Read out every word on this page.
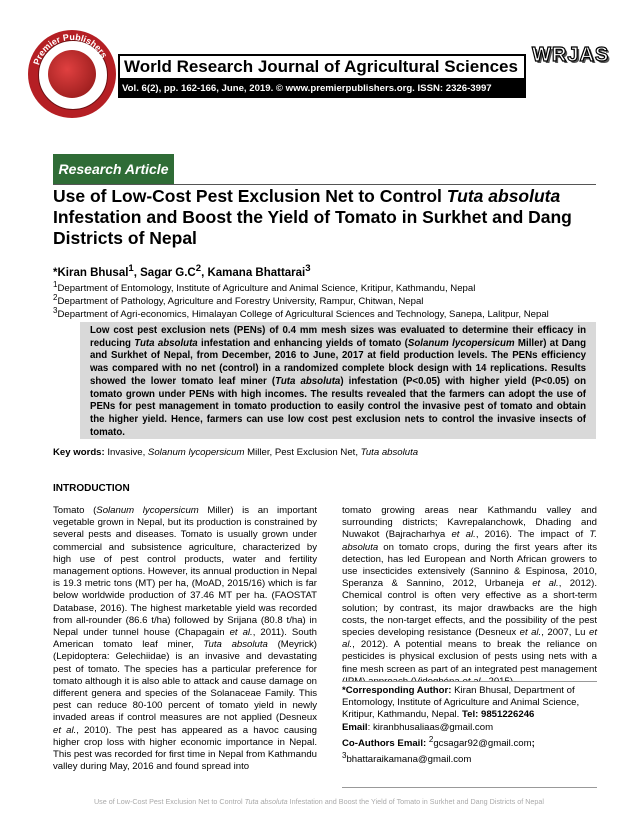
Premier Publishers
World Research Journal of Agricultural Sciences
Vol. 6(2), pp. 162-166, June, 2019. © www.premierpublishers.org. ISSN: 2326-3997
WRJAS
Research Article
Use of Low-Cost Pest Exclusion Net to Control Tuta absoluta Infestation and Boost the Yield of Tomato in Surkhet and Dang Districts of Nepal
*Kiran Bhusal$^1$, Sagar $G.C^2$, Kamana Bhattarai$^3$
$^1$Department of Entomology, Institute of Agriculture and Animal Science, Kritipur, Kathmandu, Nepal
$^2$Department of Pathology, Agriculture and Forestry University, Rampur, Chitwan, Nepal
$^3$Department of Agri-economics, Himalayan College of Agricultural Sciences and Technology, Sanepa, Lalitpur, Nepal
Low cost pest exclusion nets (PENs) of 0.4 mm mesh sizes was evaluated to determine their efficacy in reducing Tuta absoluta infestation and enhancing yields of tomato (Solanum lycopersicum Miller) at Dang and Surkhet of Nepal, from December, 2016 to June, 2017 at field production levels. The PENs efficiency was compared with no net (control) in a randomized complete block design with 14 replications. Results showed the lower tomato leaf miner (Tuta absoluta) infestation (P<0.05) with higher yield (P<0.05) on tomato grown under PENs with high incomes. The results revealed that the farmers can adopt the use of PENs for pest management in tomato production to easily control the invasive pest of tomato and obtain the higher yield. Hence, farmers can use low cost pest exclusion nets to control the invasive insects of tomato.
Key words: Invasive, Solanum lycopersicum Miller, Pest Exclusion Net, Tuta absoluta
INTRODUCTION
Tomato (Solanum lycopersicum Miller) is an important vegetable grown in Nepal, but its production is constrained by several pests and diseases. Tomato is usually grown under commercial and subsistence agriculture, characterized by high use of pest control products, water and fertility management options. However, its annual production in Nepal is 19.3 metric tons (MT) per ha, (MoAD, 2015/16) which is far below worldwide production of 37.46 MT per ha. (FAOSTAT Database, 2016). The highest marketable yield was recorded from all-rounder (86.6 t/ha) followed by Srijana (80.8 t/ha) in Nepal under tunnel house (Chapagain et al., 2011). South American tomato leaf miner, Tuta absoluta (Meyrick) (Lepidoptera: Gelechiidae) is an invasive and devastating pest of tomato. The species has a particular preference for tomato although it is also able to attack and cause damage on different genera and species of the Solanaceae Family. This pest can reduce 80-100 percent of tomato yield in newly invaded areas if control measures are not applied (Desneux et al., 2010). The pest has appeared as a havoc causing higher crop loss with higher economic importance in Nepal. This pest was recorded for first time in Nepal from Kathmandu valley during May, 2016 and found spread into
tomato growing areas near Kathmandu valley and surrounding districts; Kavrepalanchowk, Dhading and Nuwakot (Bajracharhya et al., 2016). The impact of T. absoluta on tomato crops, during the first years after its detection, has led European and North African growers to use insecticides extensively (Sannino & Espinosa, 2010, Speranza & Sannino, 2012, Urbaneja et al., 2012). Chemical control is often very effective as a short-term solution; by contrast, its major drawbacks are the high costs, the non-target effects, and the possibility of the pest species developing resistance (Desneux et al., 2007, Lu et al., 2012). A potential means to break the reliance on pesticides is physical exclusion of pests using nets with a fine mesh screen as part of an integrated pest management

*Corresponding Author: Kiran Bhusal, Department of Entomology, Institute of Agriculture and Animal Science, Kritipur, Kathmandu, Nepal. Tel: 9851226246

Email: kiranbhusaliaas@gmail.com

Co-Authors Email: $^2$gcsagar92@gmail.com;

$^3$bhattaraikamana@gmail.com

Use of Low-Cost Pest Exclusion Net to Control Tuta absoluta Infestation and Boost the Yield of Tomato in Surkhet and Dang Districts of Nepal
